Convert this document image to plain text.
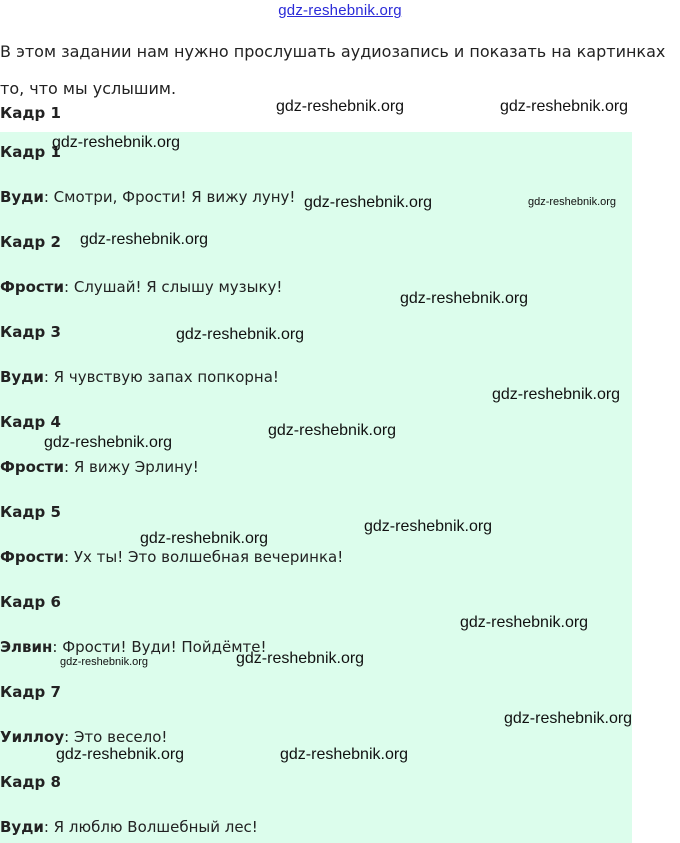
gdz-reshebnik.org
В этом задании нам нужно прослушать аудиозапись и показать на картинках то, что мы услышим.
Кадр 1
Кадр 1
Вуди: Смотри, Фрости! Я вижу луну!
Кадр 2
Фрости: Слушай! Я слышу музыку!
Кадр 3
Вуди: Я чувствую запах попкорна!
Кадр 4
Фрости: Я вижу Эрлину!
Кадр 5
Фрости: Ух ты! Это волшебная вечеринка!
Кадр 6
Элвин: Фрости! Вуди! Пойдёмте!
Кадр 7
Уиллоу: Это весело!
Кадр 8
Вуди: Я люблю Волшебный лес!
gdz-reshebnik.org	gdz-reshebnik.org
gdz-reshebnik.org
gdz-reshebnik.org	gdz-reshebnik.org
gdz-reshebnik.org
gdz-reshebnik.org
gdz-reshebnik.org
gdz-reshebnik.org
gdz-reshebnik.org
gdz-reshebnik.org
gdz-reshebnik.org
gdz-reshebnik.org
gdz-reshebnik.org
gdz-reshebnik.org
gdz-reshebnik.org
gdz-reshebnik.org
gdz-reshebnik.org	gdz-reshebnik.org
